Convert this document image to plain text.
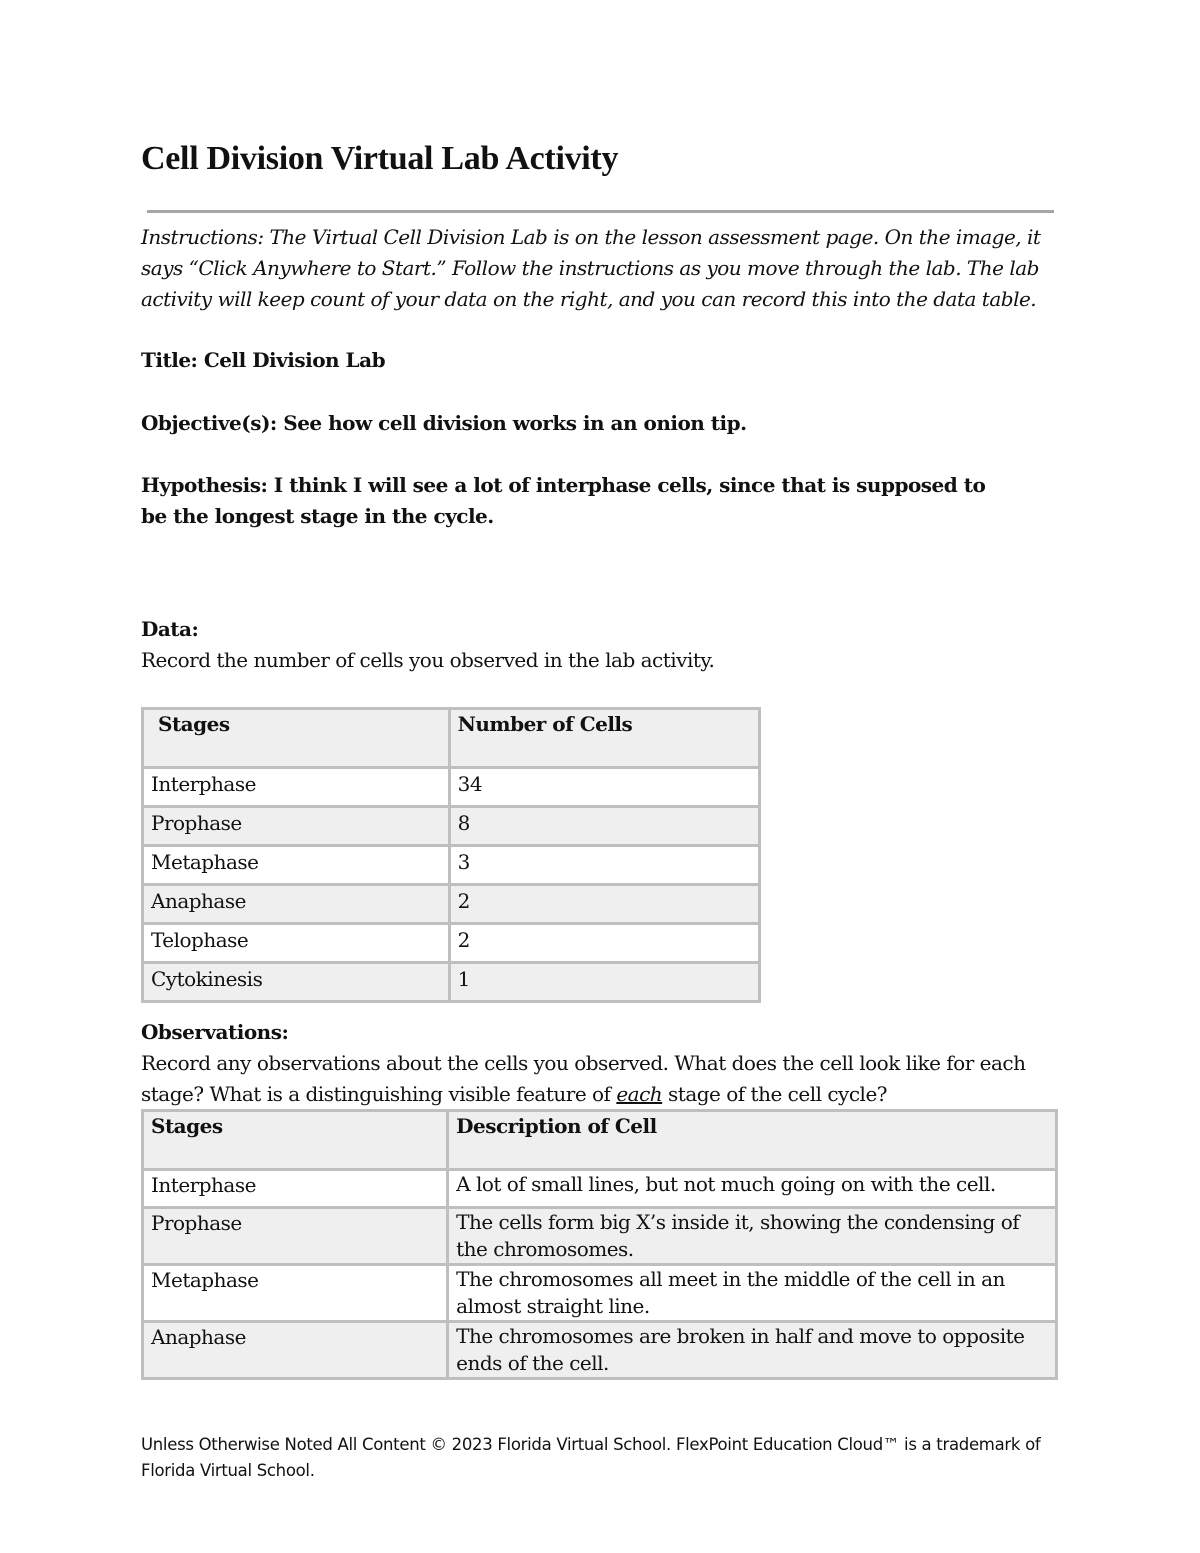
Cell Division Virtual Lab Activity

Instructions: The Virtual Cell Division Lab is on the lesson assessment page. On the image, it says “Click Anywhere to Start.” Follow the instructions as you move through the lab. The lab activity will keep count of your data on the right, and you can record this into the data table.

Title: Cell Division Lab

Objective(s): See how cell division works in an onion tip.

Hypothesis: I think I will see a lot of interphase cells, since that is supposed to be the longest stage in the cycle.

Data:

Record the number of cells you observed in the lab activity.

Stages	Number of Cells
Interphase	34
Prophase	8
Metaphase	3
Anaphase	2
Telophase	2
Cytokinesis	1

Observations:

Record any observations about the cells you observed. What does the cell look like for each stage? What is a distinguishing visible feature of each stage of the cell cycle?

Stages	Description of Cell
Interphase	A lot of small lines, but not much going on with the cell.
Prophase	The cells form big X’s inside it, showing the condensing of the chromosomes.
Metaphase	The chromosomes all meet in the middle of the cell in an almost straight line.
Anaphase	The chromosomes are broken in half and move to opposite ends of the cell.

Unless Otherwise Noted All Content © 2023 Florida Virtual School. FlexPoint Education Cloud™ is a trademark of Florida Virtual School.
